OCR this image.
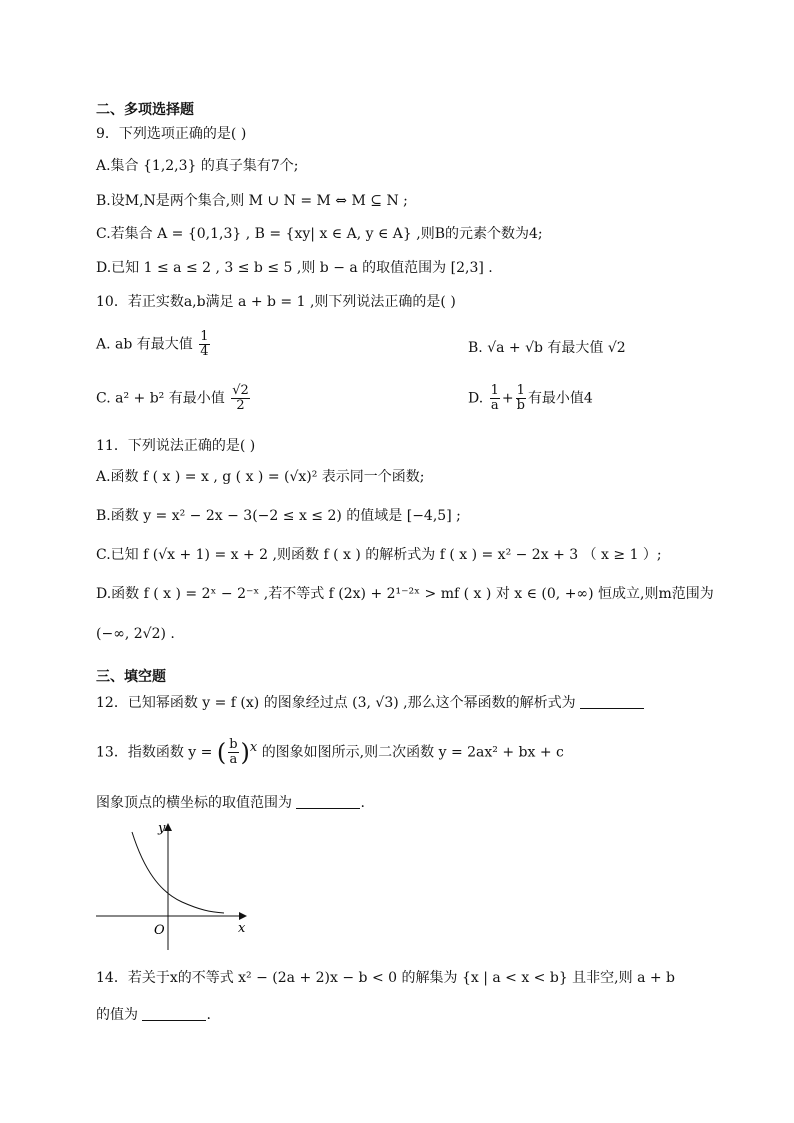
二、多项选择题
9．下列选项正确的是( )
A.集合 {1,2,3} 的真子集有7个;
B.设M,N是两个集合,则 M ∪ N = M ⇔ M ⊆ N ;
C.若集合 A = {0,1,3} , B = {xy| x ∈ A, y ∈ A} ,则B的元素个数为4;
D.已知 1 ≤ a ≤ 2 , 3 ≤ b ≤ 5 ,则 b − a 的取值范围为 [2,3] .
10．若正实数a,b满足 a + b = 1 ,则下列说法正确的是( )
A. ab 有最大值 $\frac{1}{4}$	B. √a + √b 有最大值 √2
C. a² + b² 有最小值 $\frac{√2}{2}$	D. $\frac{1}{a} + \frac{1}{b}$ 有最小值4
11．下列说法正确的是( )
A.函数 f ( x ) = x , g ( x ) = (√x)² 表示同一个函数;
B.函数 y = x² − 2x − 3(−2 ≤ x ≤ 2) 的值域是 [−4,5] ;
C.已知 f (√x + 1) = x + 2 ,则函数 f ( x ) 的解析式为 f ( x ) = x² − 2x + 3 （ x ≥ 1 ）;
D.函数 f ( x ) = 2ˣ − 2⁻ˣ ,若不等式 f (2x) + 2¹⁻²ˣ > mf ( x ) 对 x ∈ (0, +∞) 恒成立,则m范围为
(−∞, 2√2) .
三、填空题
12．已知幂函数 y = f (x) 的图象经过点 (3, √3) ,那么这个幂函数的解析式为
13．指数函数 y = ( $\frac{b}{a} )^x$ 的图象如图所示,则二次函数 y = 2ax² + bx + c
图象顶点的横坐标的取值范围为	.
y
x
O
14．若关于x的不等式 x² − (2a + 2)x − b < 0 的解集为 {x | a < x < b} 且非空,则 a + b
的值为	.
